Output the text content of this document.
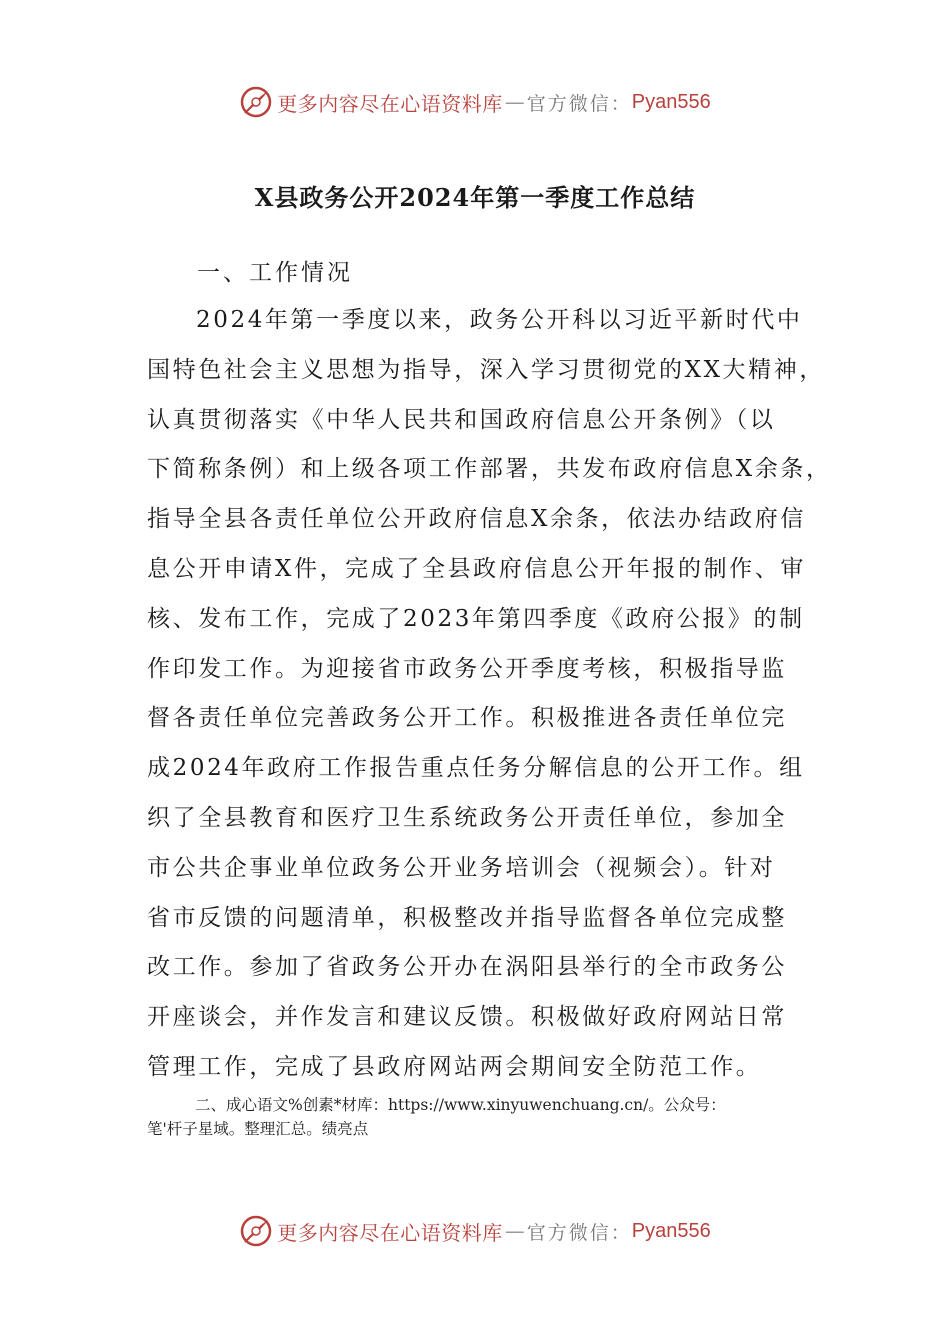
更多内容尽在心语资料库 — 官方微信： Pyan556
X县政务公开2024年第一季度工作总结
一、工作情况
2024年第一季度以来，政务公开科以习近平新时代中
国特色社会主义思想为指导，深入学习贯彻党的XX大精神，
认真贯彻落实《中华人民共和国政府信息公开条例》（以
下简称条例）和上级各项工作部署，共发布政府信息X余条，
指导全县各责任单位公开政府信息X余条，依法办结政府信
息公开申请X件，完成了全县政府信息公开年报的制作、审
核、发布工作，完成了2023年第四季度《政府公报》的制
作印发工作。为迎接省市政务公开季度考核，积极指导监
督各责任单位完善政务公开工作。积极推进各责任单位完
成2024年政府工作报告重点任务分解信息的公开工作。组
织了全县教育和医疗卫生系统政务公开责任单位，参加全
市公共企事业单位政务公开业务培训会（视频会）。针对
省市反馈的问题清单，积极整改并指导监督各单位完成整
改工作。参加了省政务公开办在涡阳县举行的全市政务公
开座谈会，并作发言和建议反馈。积极做好政府网站日常
管理工作，完成了县政府网站两会期间安全防范工作。
二、成心语文%创素*材库：https://www.xinyuwenchuang.cn/。公众号：
笔'杆子星域。整理汇总。绩亮点
更多内容尽在心语资料库 — 官方微信： Pyan556
